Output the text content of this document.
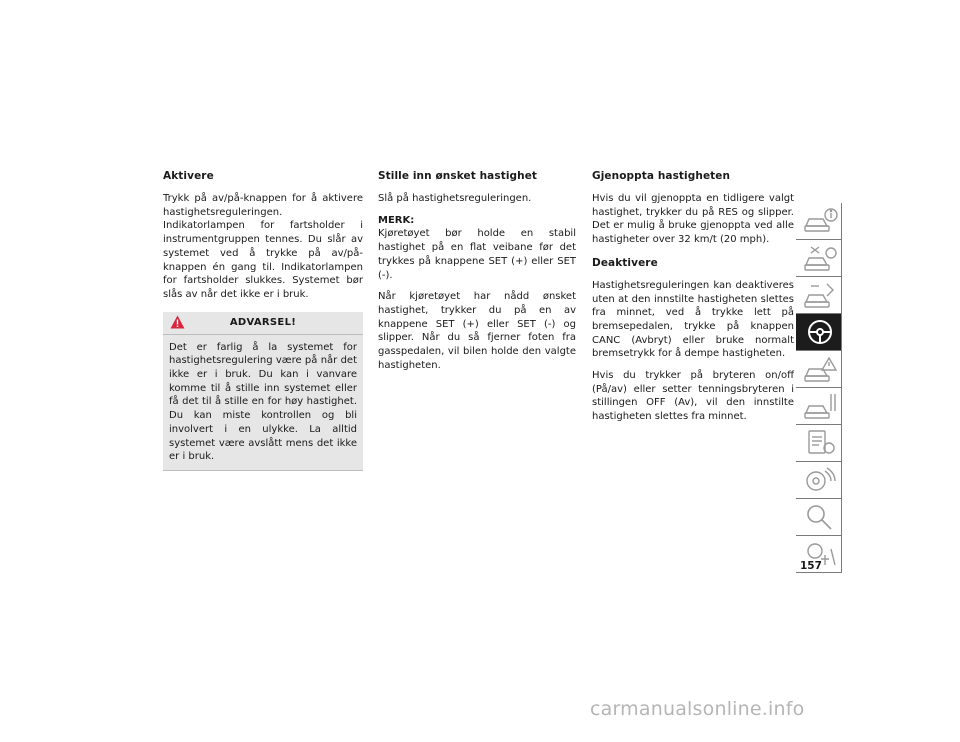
Aktivere

Trykk på av/på-knappen for å aktivere hastighetsreguleringen. Indikatorlampen for fartsholder i instrumentgruppen tennes. Du slår av systemet ved å trykke på av/på-knappen én gang til. Indikatorlampen for fartsholder slukkes. Systemet bør slås av når det ikke er i bruk.

ADVARSEL!

Det er farlig å la systemet for hastighetsregulering være på når det ikke er i bruk. Du kan i vanvare komme til å stille inn systemet eller få det til å stille en for høy hastighet. Du kan miste kontrollen og bli involvert i en ulykke. La alltid systemet være avslått mens det ikke er i bruk.

Stille inn ønsket hastighet

Slå på hastighetsreguleringen.

MERK:
Kjøretøyet bør holde en stabil hastighet på en flat veibane før det trykkes på knappene SET (+) eller SET (-).

Når kjøretøyet har nådd ønsket hastighet, trykker du på en av knappene SET (+) eller SET (-) og slipper. Når du så fjerner foten fra gasspedalen, vil bilen holde den valgte hastigheten.

Gjenoppta hastigheten

Hvis du vil gjenoppta en tidligere valgt hastighet, trykker du på RES og slipper. Det er mulig å bruke gjenoppta ved alle hastigheter over 32 km/t (20 mph).

Deaktivere

Hastighetsreguleringen kan deaktiveres uten at den innstilte hastigheten slettes fra minnet, ved å trykke lett på bremsepedalen, trykke på knappen CANC (Avbryt) eller bruke normalt bremsetrykk for å dempe hastigheten.

Hvis du trykker på bryteren on/off (På/av) eller setter tenningsbryteren i stillingen OFF (Av), vil den innstilte hastigheten slettes fra minnet.

157
carmanualsonline.info
